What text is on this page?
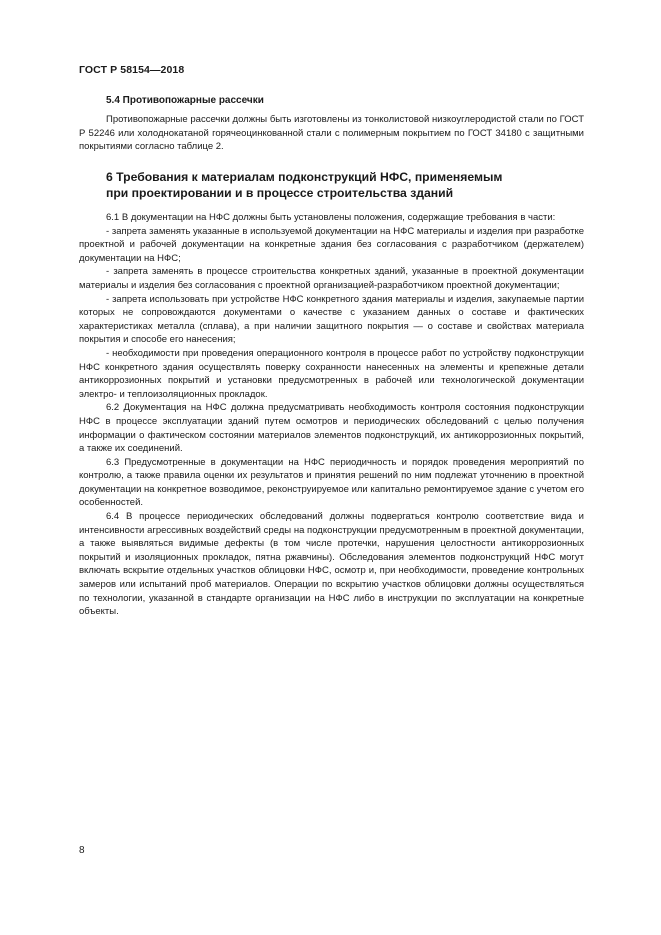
ГОСТ Р 58154—2018
5.4 Противопожарные рассечки

Противопожарные рассечки должны быть изготовлены из тонколистовой низкоуглеродистой стали по ГОСТ Р 52246 или холоднокатаной горячеоцинкованной стали с полимерным покрытием по ГОСТ 34180 с защитными покрытиями согласно таблице 2.

6 Требования к материалам подконструкций НФС, применяемым
при проектировании и в процессе строительства зданий

6.1 В документации на НФС должны быть установлены положения, содержащие требования в части:

- запрета заменять указанные в используемой документации на НФС материалы и изделия при разработке проектной и рабочей документации на конкретные здания без согласования с разработчиком (держателем) документации на НФС;

- запрета заменять в процессе строительства конкретных зданий, указанные в проектной документации материалы и изделия без согласования с проектной организацией-разработчиком проектной документации;

- запрета использовать при устройстве НФС конкретного здания материалы и изделия, закупаемые партии которых не сопровождаются документами о качестве с указанием данных о составе и фактических характеристиках металла (сплава), а при наличии защитного покрытия — о составе и свойствах материала покрытия и способе его нанесения;

- необходимости при проведения операционного контроля в процессе работ по устройству подконструкции НФС конкретного здания осуществлять поверку сохранности нанесенных на элементы и крепежные детали антикоррозионных покрытий и установки предусмотренных в рабочей или технологической документации электро- и теплоизоляционных прокладок.

6.2 Документация на НФС должна предусматривать необходимость контроля состояния подконструкции НФС в процессе эксплуатации зданий путем осмотров и периодических обследований с целью получения информации о фактическом состоянии материалов элементов подконструкций, их антикоррозионных покрытий, а также их соединений.

6.3 Предусмотренные в документации на НФС периодичность и порядок проведения мероприятий по контролю, а также правила оценки их результатов и принятия решений по ним подлежат уточнению в проектной документации на конкретное возводимое, реконструируемое или капитально ремонтируемое здание с учетом его особенностей.

6.4 В процессе периодических обследований должны подвергаться контролю соответствие вида и интенсивности агрессивных воздействий среды на подконструкции предусмотренным в проектной документации, а также выявляться видимые дефекты (в том числе протечки, нарушения целостности антикоррозионных покрытий и изоляционных прокладок, пятна ржавчины). Обследования элементов подконструкций НФС могут включать вскрытие отдельных участков облицовки НФС, осмотр и, при необходимости, проведение контрольных замеров или испытаний проб материалов. Операции по вскрытию участков облицовки должны осуществляться по технологии, указанной в стандарте организации на НФС либо в инструкции по эксплуатации на конкретные объекты.

8
